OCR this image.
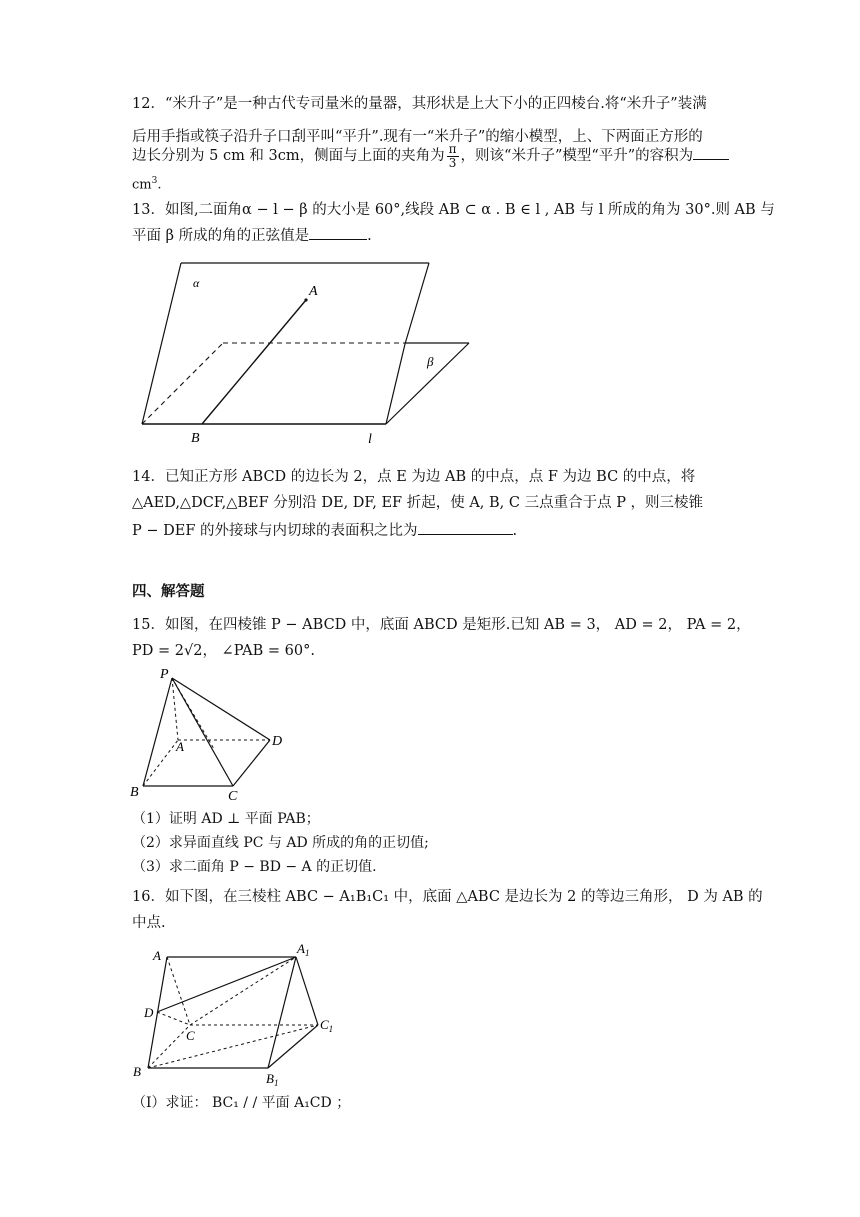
12．“米升子”是一种古代专司量米的量器，其形状是上大下小的正四棱台.将“米升子”装满
后用手指或筷子沿升子口刮平叫“平升”.现有一“米升子”的缩小模型，上、下两面正方形的
边长分别为 5 cm 和 3cm，侧面与上面的夹角为 $\frac{\pi}{3}$ ，则该“米升子”模型“平升”的容积为
$cm^3$.
13．如图,二面角α − l − β 的大小是 60°,线段 AB ⊂ α . B ∈ l , AB 与 l 所成的角为 30°.则 AB 与
平面 β 所成的角的正弦值是	.
α
A
β
B	l
14．已知正方形 ABCD 的边长为 2，点 E 为边 AB 的中点，点 F 为边 BC 的中点，将
△AED,△DCF,△BEF 分别沿 DE, DF, EF 折起，使 A, B, C 三点重合于点 P ，则三棱锥
P − DEF 的外接球与内切球的表面积之比为	.
四、解答题
15．如图，在四棱锥 P − ABCD 中，底面 ABCD 是矩形.已知 AB = 3， AD = 2， PA = 2，
PD = 2√2， ∠PAB = 60°.
P
A
B	C
D
（1）证明 AD ⊥ 平面 PAB；
（2）求异面直线 PC 与 AD 所成的角的正切值;
（3）求二面角 P − BD − A 的正切值.
16．如下图，在三棱柱 ABC − A₁B₁C₁ 中，底面 △ABC 是边长为 2 的等边三角形， D 为 AB 的
中点.
A	$A_1$
D
C
$C_1$
B	$B_1$
（Ⅰ）求证： BC₁ / / 平面 A₁CD ；
